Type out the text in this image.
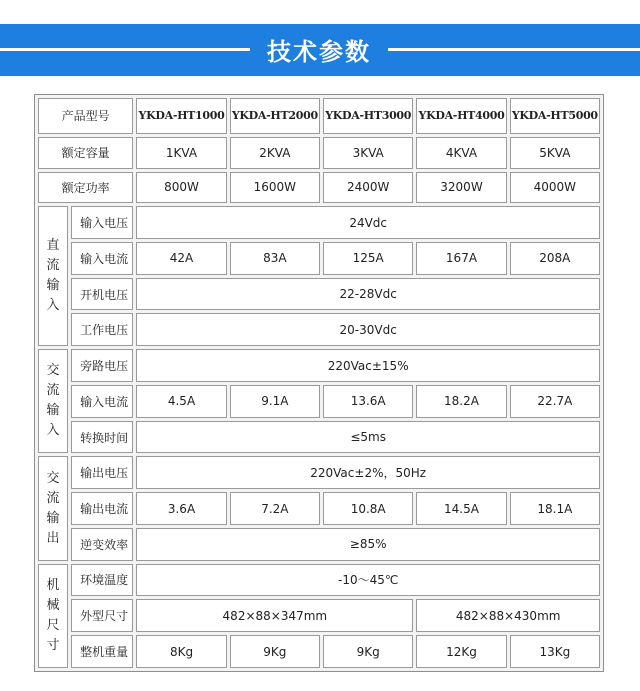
技术参数
产品型号		YKDA-HT1000	YKDA-HT2000	YKDA-HT3000	YKDA-HT4000	YKDA-HT5000
额定容量		1KVA	2KVA	3KVA	4KVA	5KVA
额定功率		800W	1600W	2400W	3200W	4000W

直
流
输
入	输入电压	24Vdc				
	输入电流	42A	83A	125A	167A	208A
	开机电压	22-28Vdc				
	工作电压	20-30Vdc				

交
流
输
入	旁路电压	220Vac±15%				
	输入电流	4.5A	9.1A	13.6A	18.2A	22.7A
	转换时间	≤5ms				

交
流
输
出	输出电压	220Vac±2%，50Hz				
	输出电流	3.6A	7.2A	10.8A	14.5A	18.1A
	逆变效率	≥85%				

机
械
尺
寸	环境温度	-10～45℃				
	外型尺寸	482×88×347mm			482×88×430mm	
	整机重量	8Kg	9Kg	9Kg	12Kg	13Kg
